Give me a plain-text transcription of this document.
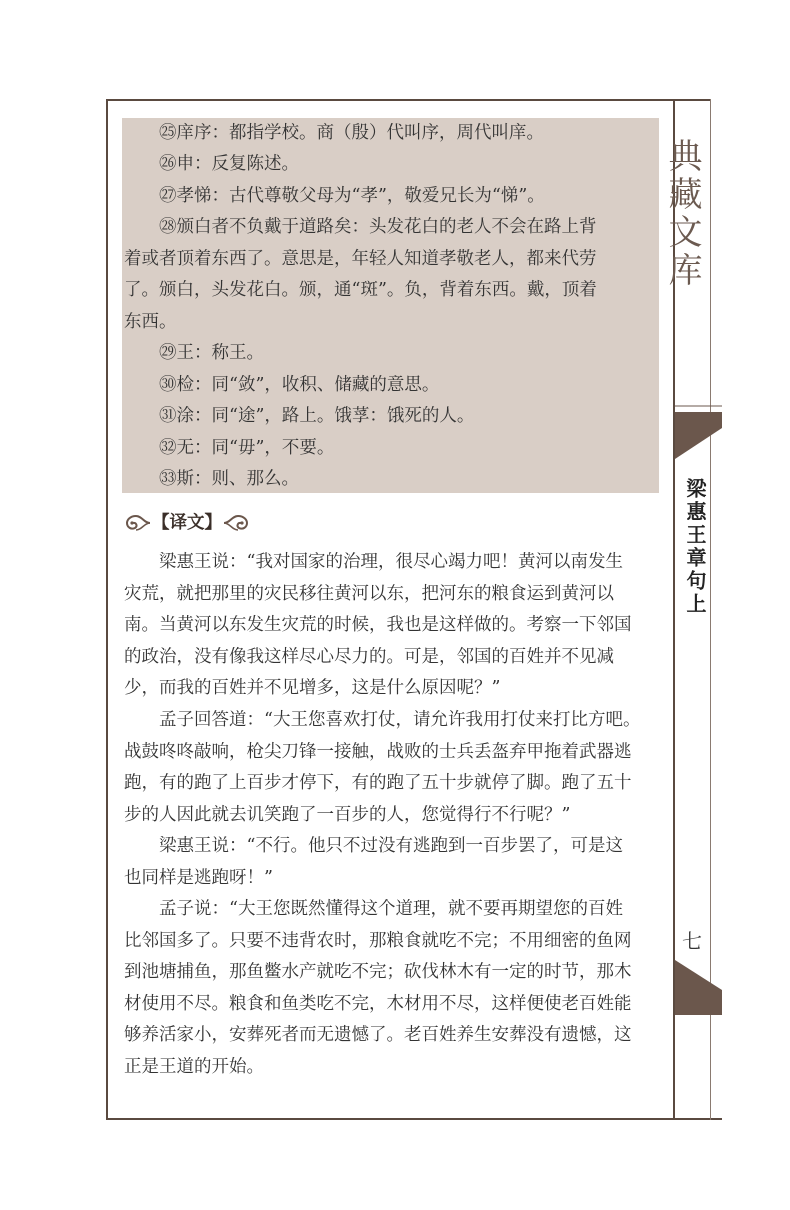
㉕庠序：都指学校。商（殷）代叫序，周代叫庠。
㉖申：反复陈述。
㉗孝悌：古代尊敬父母为“孝”，敬爱兄长为“悌”。
㉘颁白者不负戴于道路矣：头发花白的老人不会在路上背
着或者顶着东西了。意思是，年轻人知道孝敬老人，都来代劳
了。颁白，头发花白。颁，通“斑”。负，背着东西。戴，顶着
东西。
㉙王：称王。
㉚检：同“敛”，收积、储藏的意思。
㉛涂：同“途”，路上。饿莩：饿死的人。
㉜无：同“毋”，不要。
㉝斯：则、那么。
【译文】
梁惠王说：“我对国家的治理，很尽心竭力吧！黄河以南发生
灾荒，就把那里的灾民移往黄河以东，把河东的粮食运到黄河以
南。当黄河以东发生灾荒的时候，我也是这样做的。考察一下邻国
的政治，没有像我这样尽心尽力的。可是，邻国的百姓并不见减
少，而我的百姓并不见增多，这是什么原因呢？”
孟子回答道：“大王您喜欢打仗，请允许我用打仗来打比方吧。
战鼓咚咚敲响，枪尖刀锋一接触，战败的士兵丢盔弃甲拖着武器逃
跑，有的跑了上百步才停下，有的跑了五十步就停了脚。跑了五十
步的人因此就去讥笑跑了一百步的人，您觉得行不行呢？”
梁惠王说：“不行。他只不过没有逃跑到一百步罢了，可是这
也同样是逃跑呀！”
孟子说：“大王您既然懂得这个道理，就不要再期望您的百姓
比邻国多了。只要不违背农时，那粮食就吃不完；不用细密的鱼网
到池塘捕鱼，那鱼鳖水产就吃不完；砍伐林木有一定的时节，那木
材使用不尽。粮食和鱼类吃不完，木材用不尽，这样便使老百姓能
够养活家小，安葬死者而无遗憾了。老百姓养生安葬没有遗憾，这
正是王道的开始。
典藏文库
梁惠王章句上
七
